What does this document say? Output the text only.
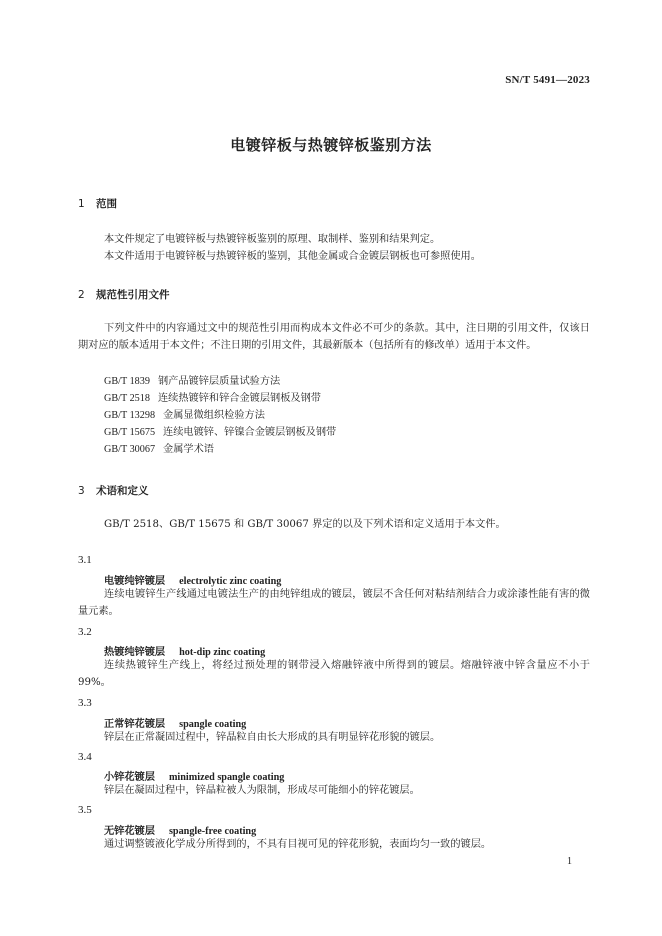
SN/T 5491—2023
电镀锌板与热镀锌板鉴别方法
1 范围

本文件规定了电镀锌板与热镀锌板鉴别的原理、取制样、鉴别和结果判定。

本文件适用于电镀锌板与热镀锌板的鉴别，其他金属或合金镀层钢板也可参照使用。

2 规范性引用文件

下列文件中的内容通过文中的规范性引用而构成本文件必不可少的条款。其中，注日期的引用文件，仅该日期对应的版本适用于本文件；不注日期的引用文件，其最新版本（包括所有的修改单）适用于本文件。

GB/T 1839 钢产品镀锌层质量试验方法
GB/T 2518 连续热镀锌和锌合金镀层钢板及钢带
GB/T 13298 金属显微组织检验方法
GB/T 15675 连续电镀锌、锌镍合金镀层钢板及钢带
GB/T 30067 金属学术语
3 术语和定义

GB/T 2518、GB/T 15675 和 GB/T 30067 界定的以及下列术语和定义适用于本文件。

3.1
电镀纯锌镀层 electrolytic zinc coating

连续电镀锌生产线通过电镀法生产的由纯锌组成的镀层，镀层不含任何对粘结剂结合力或涂漆性能有害的微量元素。

3.2
热镀纯锌镀层 hot-dip zinc coating

连续热镀锌生产线上，将经过预处理的钢带浸入熔融锌液中所得到的镀层。熔融锌液中锌含量应不小于 99%。

3.3
正常锌花镀层 spangle coating

锌层在正常凝固过程中，锌晶粒自由长大形成的具有明显锌花形貌的镀层。

3.4
小锌花镀层 minimized spangle coating

锌层在凝固过程中，锌晶粒被人为限制，形成尽可能细小的锌花镀层。

3.5
无锌花镀层 spangle-free coating

通过调整镀液化学成分所得到的，不具有目视可见的锌花形貌，表面均匀一致的镀层。

1
